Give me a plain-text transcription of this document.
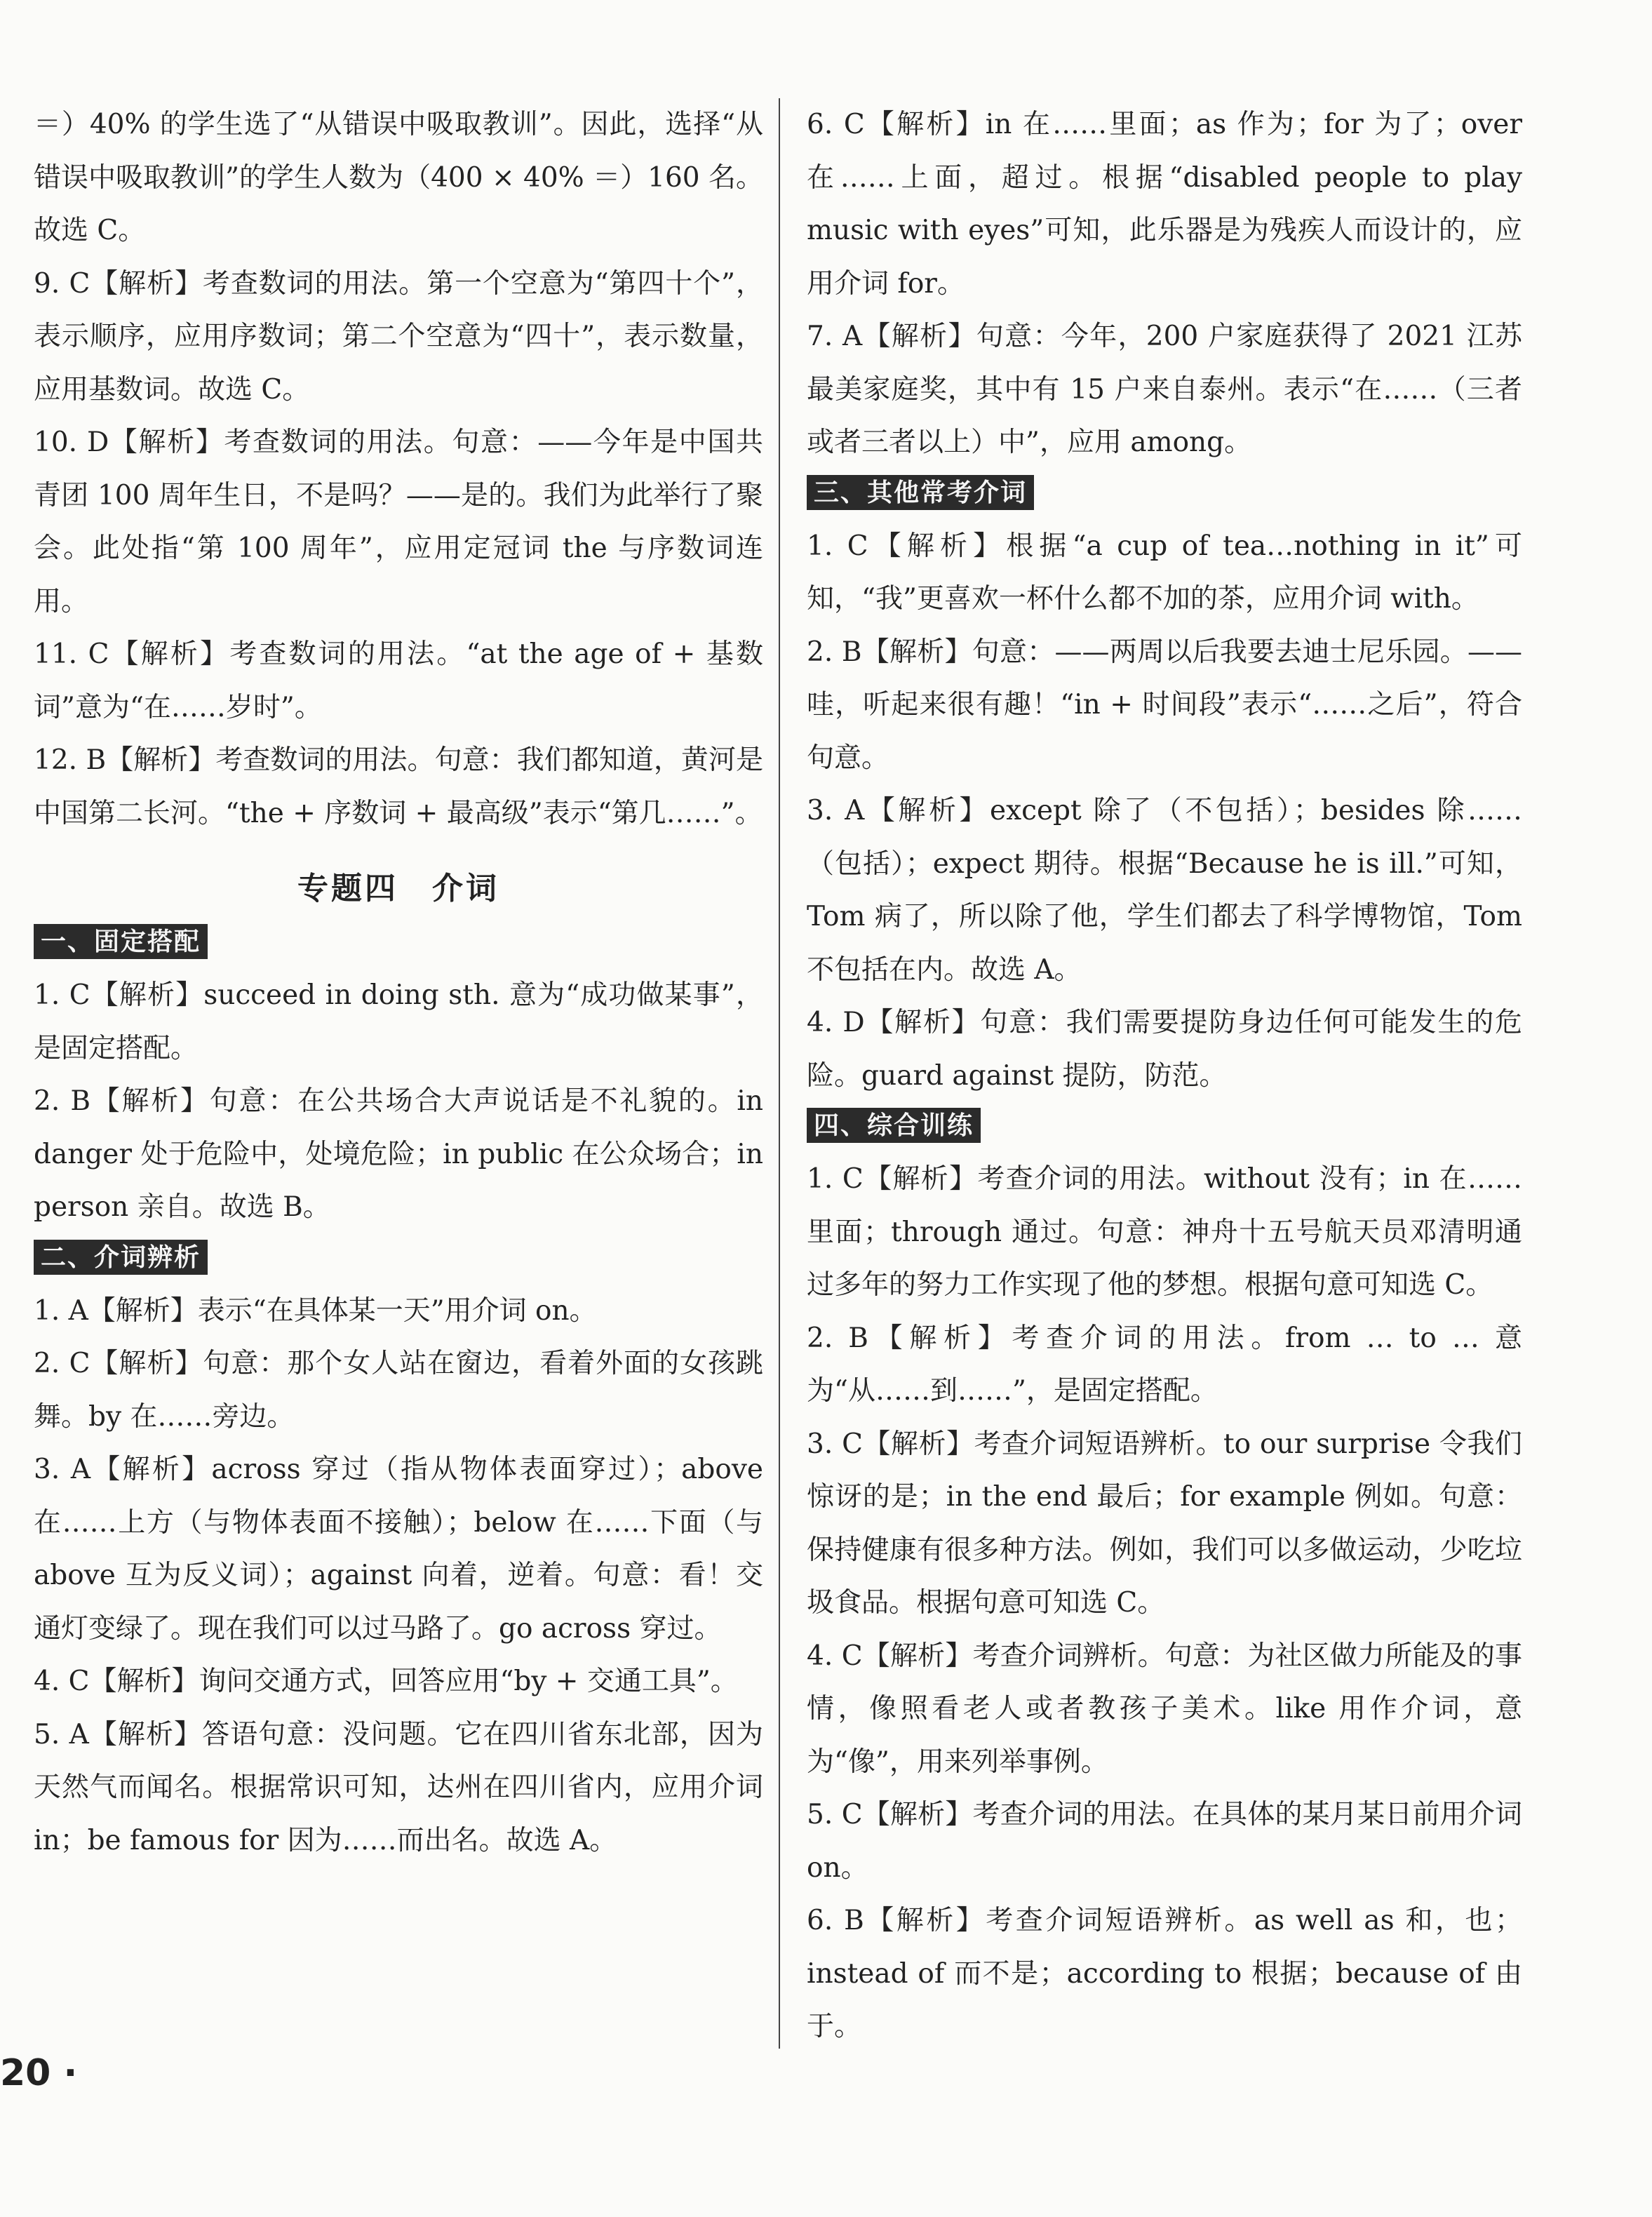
＝）40% 的学生选了“从错误中吸取教训”。因此，选择“从错误中吸取教训”的学生人数为（400 × 40% ＝）160 名。故选 C。

9. C【解析】考查数词的用法。第一个空意为“第四十个”，表示顺序，应用序数词；第二个空意为“四十”，表示数量，应用基数词。故选 C。

10. D【解析】考查数词的用法。句意：——今年是中国共青团 100 周年生日，不是吗？——是的。我们为此举行了聚会。此处指“第 100 周年”，应用定冠词 the 与序数词连用。

11. C【解析】考查数词的用法。“at the age of + 基数词”意为“在……岁时”。

12. B【解析】考查数词的用法。句意：我们都知道，黄河是中国第二长河。“the + 序数词 + 最高级”表示“第几……”。

专题四　介词
一、固定搭配

1. C【解析】succeed in doing sth. 意为“成功做某事”，是固定搭配。

2. B【解析】句意：在公共场合大声说话是不礼貌的。in danger 处于危险中，处境危险；in public 在公众场合；in person 亲自。故选 B。

二、介词辨析

1. A【解析】表示“在具体某一天”用介词 on。

2. C【解析】句意：那个女人站在窗边，看着外面的女孩跳舞。by 在……旁边。

3. A【解析】across 穿过（指从物体表面穿过）；above 在……上方（与物体表面不接触）；below 在……下面（与 above 互为反义词）；against 向着，逆着。句意：看！交通灯变绿了。现在我们可以过马路了。go across 穿过。

4. C【解析】询问交通方式，回答应用“by + 交通工具”。

5. A【解析】答语句意：没问题。它在四川省东北部，因为天然气而闻名。根据常识可知，达州在四川省内，应用介词 in；be famous for 因为……而出名。故选 A。

6. C【解析】in 在……里面；as 作为；for 为了；over 在……上面，超过。根据“disabled people to play music with eyes”可知，此乐器是为残疾人而设计的，应用介词 for。

7. A【解析】句意：今年，200 户家庭获得了 2021 江苏最美家庭奖，其中有 15 户来自泰州。表示“在……（三者或者三者以上）中”，应用 among。

三、其他常考介词

1. C【解析】根据“a cup of tea…nothing in it”可知，“我”更喜欢一杯什么都不加的茶，应用介词 with。

2. B【解析】句意：——两周以后我要去迪士尼乐园。——哇，听起来很有趣！“in + 时间段”表示“……之后”，符合句意。

3. A【解析】except 除了（不包括）；besides 除……（包括）；expect 期待。根据“Because he is ill.”可知，Tom 病了，所以除了他，学生们都去了科学博物馆，Tom 不包括在内。故选 A。

4. D【解析】句意：我们需要提防身边任何可能发生的危险。guard against 提防，防范。

四、综合训练

1. C【解析】考查介词的用法。without 没有；in 在……里面；through 通过。句意：神舟十五号航天员邓清明通过多年的努力工作实现了他的梦想。根据句意可知选 C。

2. B【解析】考查介词的用法。from … to … 意为“从……到……”，是固定搭配。

3. C【解析】考查介词短语辨析。to our surprise 令我们惊讶的是；in the end 最后；for example 例如。句意：保持健康有很多种方法。例如，我们可以多做运动，少吃垃圾食品。根据句意可知选 C。

4. C【解析】考查介词辨析。句意：为社区做力所能及的事情，像照看老人或者教孩子美术。like 用作介词，意为“像”，用来列举事例。

5. C【解析】考查介词的用法。在具体的某月某日前用介词 on。

6. B【解析】考查介词短语辨析。as well as 和，也；instead of 而不是；according to 根据；because of 由于。

20 ·
